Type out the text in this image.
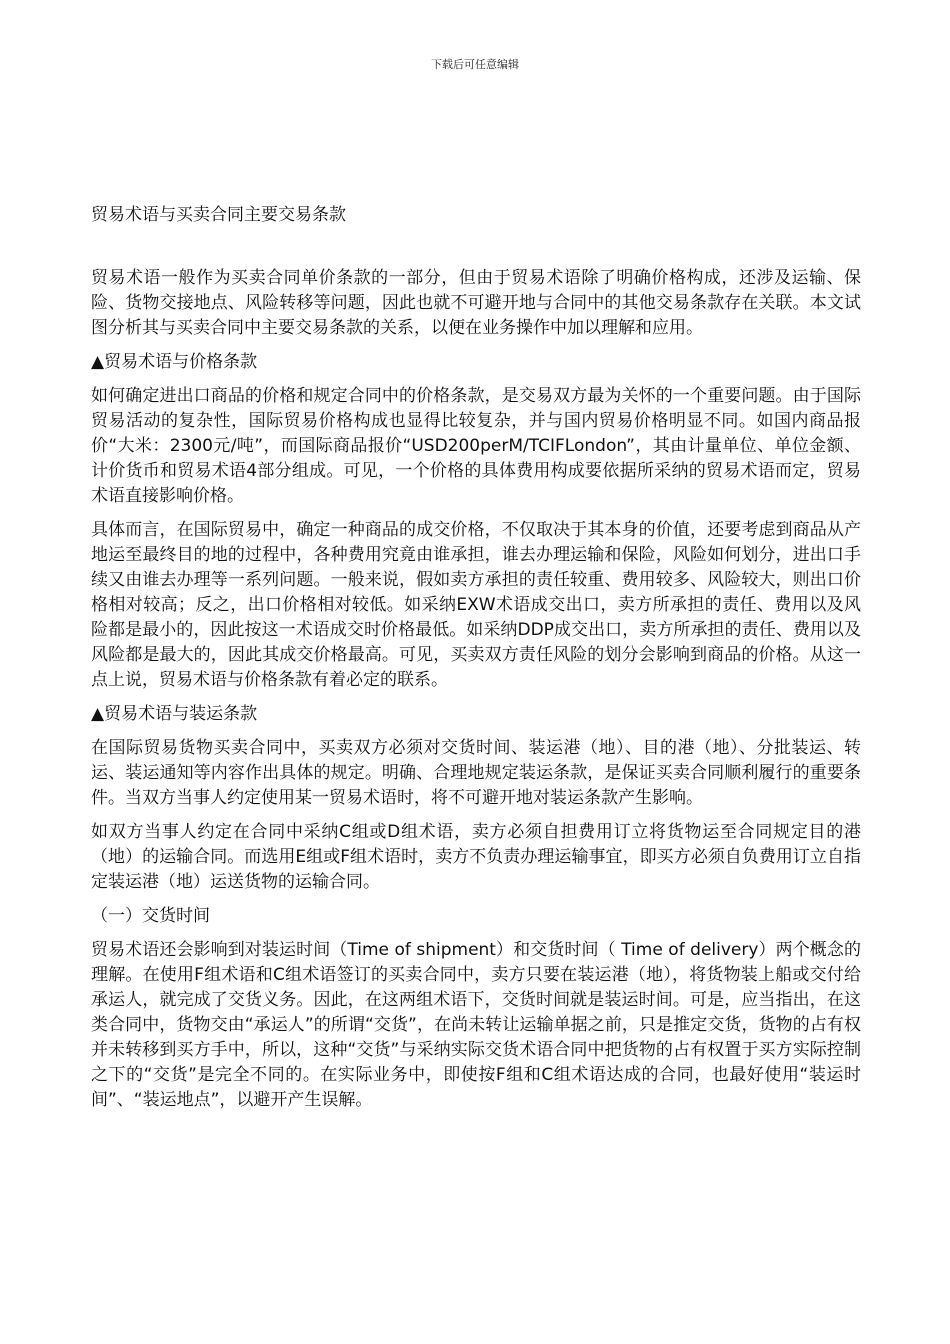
下载后可任意编辑
贸易术语与买卖合同主要交易条款

贸易术语一般作为买卖合同单价条款的一部分，但由于贸易术语除了明确价格构成，还涉及运输、保险、货物交接地点、风险转移等问题，因此也就不可避开地与合同中的其他交易条款存在关联。本文试图分析其与买卖合同中主要交易条款的关系，以便在业务操作中加以理解和应用。

▲贸易术语与价格条款

如何确定进出口商品的价格和规定合同中的价格条款，是交易双方最为关怀的一个重要问题。由于国际贸易活动的复杂性，国际贸易价格构成也显得比较复杂，并与国内贸易价格明显不同。如国内商品报价“大米：2300元/吨”，而国际商品报价“USD200perM/TCIFLondon”，其由计量单位、单位金额、计价货币和贸易术语4部分组成。可见，一个价格的具体费用构成要依据所采纳的贸易术语而定，贸易术语直接影响价格。

具体而言，在国际贸易中，确定一种商品的成交价格，不仅取决于其本身的价值，还要考虑到商品从产地运至最终目的地的过程中，各种费用究竟由谁承担，谁去办理运输和保险，风险如何划分，进出口手续又由谁去办理等一系列问题。一般来说，假如卖方承担的责任较重、费用较多、风险较大，则出口价格相对较高；反之，出口价格相对较低。如采纳EXW术语成交出口，卖方所承担的责任、费用以及风险都是最小的，因此按这一术语成交时价格最低。如采纳DDP成交出口，卖方所承担的责任、费用以及风险都是最大的，因此其成交价格最高。可见，买卖双方责任风险的划分会影响到商品的价格。从这一点上说，贸易术语与价格条款有着必定的联系。

▲贸易术语与装运条款

在国际贸易货物买卖合同中，买卖双方必须对交货时间、装运港（地）、目的港（地）、分批装运、转运、装运通知等内容作出具体的规定。明确、合理地规定装运条款，是保证买卖合同顺利履行的重要条件。当双方当事人约定使用某一贸易术语时，将不可避开地对装运条款产生影响。

如双方当事人约定在合同中采纳C组或D组术语，卖方必须自担费用订立将货物运至合同规定目的港（地）的运输合同。而选用E组或F组术语时，卖方不负责办理运输事宜，即买方必须自负费用订立自指定装运港（地）运送货物的运输合同。

（一）交货时间

贸易术语还会影响到对装运时间（Time of shipment）和交货时间（ Time of delivery）两个概念的理解。在使用F组术语和C组术语签订的买卖合同中，卖方只要在装运港（地），将货物装上船或交付给承运人，就完成了交货义务。因此，在这两组术语下，交货时间就是装运时间。可是，应当指出，在这类合同中，货物交由“承运人”的所谓“交货”，在尚未转让运输单据之前，只是推定交货，货物的占有权并未转移到买方手中，所以，这种“交货”与采纳实际交货术语合同中把货物的占有权置于买方实际控制之下的“交货”是完全不同的。在实际业务中，即使按F组和C组术语达成的合同，也最好使用“装运时间”、“装运地点”，以避开产生误解。
